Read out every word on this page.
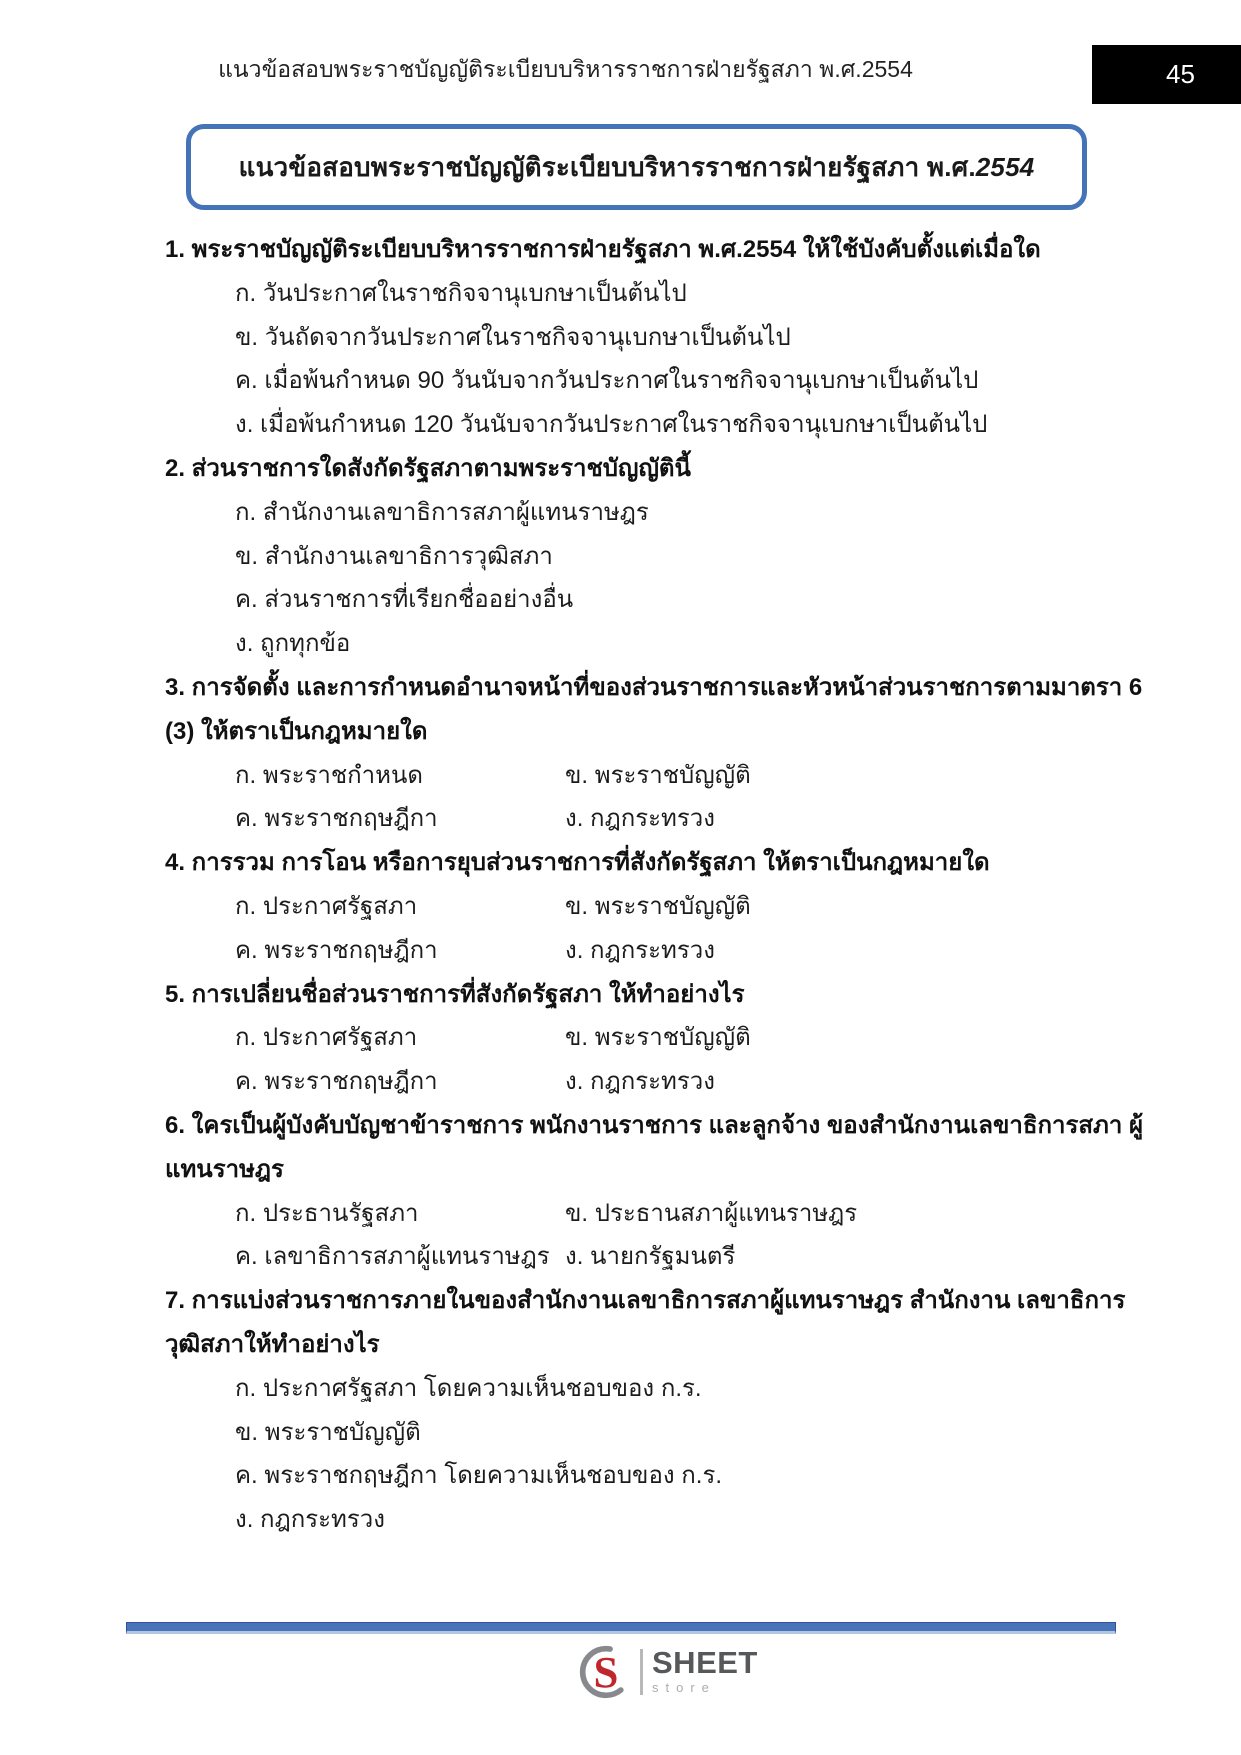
แนวข้อสอบพระราชบัญญัติระเบียบบริหารราชการฝ่ายรัฐสภา พ.ศ.2554	45
แนวข้อสอบพระราชบัญญัติระเบียบบริหารราชการฝ่ายรัฐสภา พ.ศ.2554
1. พระราชบัญญัติระเบียบบริหารราชการฝ่ายรัฐสภา พ.ศ.2554 ให้ใช้บังคับตั้งแต่เมื่อใด
ก. วันประกาศในราชกิจจานุเบกษาเป็นต้นไป
ข. วันถัดจากวันประกาศในราชกิจจานุเบกษาเป็นต้นไป
ค. เมื่อพ้นกำหนด 90 วันนับจากวันประกาศในราชกิจจานุเบกษาเป็นต้นไป
ง. เมื่อพ้นกำหนด 120 วันนับจากวันประกาศในราชกิจจานุเบกษาเป็นต้นไป
2. ส่วนราชการใดสังกัดรัฐสภาตามพระราชบัญญัตินี้
ก. สำนักงานเลขาธิการสภาผู้แทนราษฎร
ข. สำนักงานเลขาธิการวุฒิสภา
ค. ส่วนราชการที่เรียกชื่ออย่างอื่น
ง. ถูกทุกข้อ
3. การจัดตั้ง และการกำหนดอำนาจหน้าที่ของส่วนราชการและหัวหน้าส่วนราชการตามมาตรา 6 (3) ให้ตราเป็นกฎหมายใด
ก. พระราชกำหนด	ข. พระราชบัญญัติ
ค. พระราชกฤษฎีกา	ง. กฎกระทรวง
4. การรวม การโอน หรือการยุบส่วนราชการที่สังกัดรัฐสภา ให้ตราเป็นกฎหมายใด
ก. ประกาศรัฐสภา	ข. พระราชบัญญัติ
ค. พระราชกฤษฎีกา	ง. กฎกระทรวง
5. การเปลี่ยนชื่อส่วนราชการที่สังกัดรัฐสภา ให้ทำอย่างไร
ก. ประกาศรัฐสภา	ข. พระราชบัญญัติ
ค. พระราชกฤษฎีกา	ง. กฎกระทรวง
6. ใครเป็นผู้บังคับบัญชาข้าราชการ พนักงานราชการ และลูกจ้าง ของสำนักงานเลขาธิการสภา ผู้แทนราษฎร
ก. ประธานรัฐสภา	ข. ประธานสภาผู้แทนราษฎร
ค. เลขาธิการสภาผู้แทนราษฎร ง. นายกรัฐมนตรี
7. การแบ่งส่วนราชการภายในของสำนักงานเลขาธิการสภาผู้แทนราษฎร สำนักงาน เลขาธิการ วุฒิสภาให้ทำอย่างไร
ก. ประกาศรัฐสภา โดยความเห็นชอบของ ก.ร.
ข. พระราชบัญญัติ
ค. พระราชกฤษฎีกา โดยความเห็นชอบของ ก.ร.
ง. กฎกระทรวง
S SHEET
store
